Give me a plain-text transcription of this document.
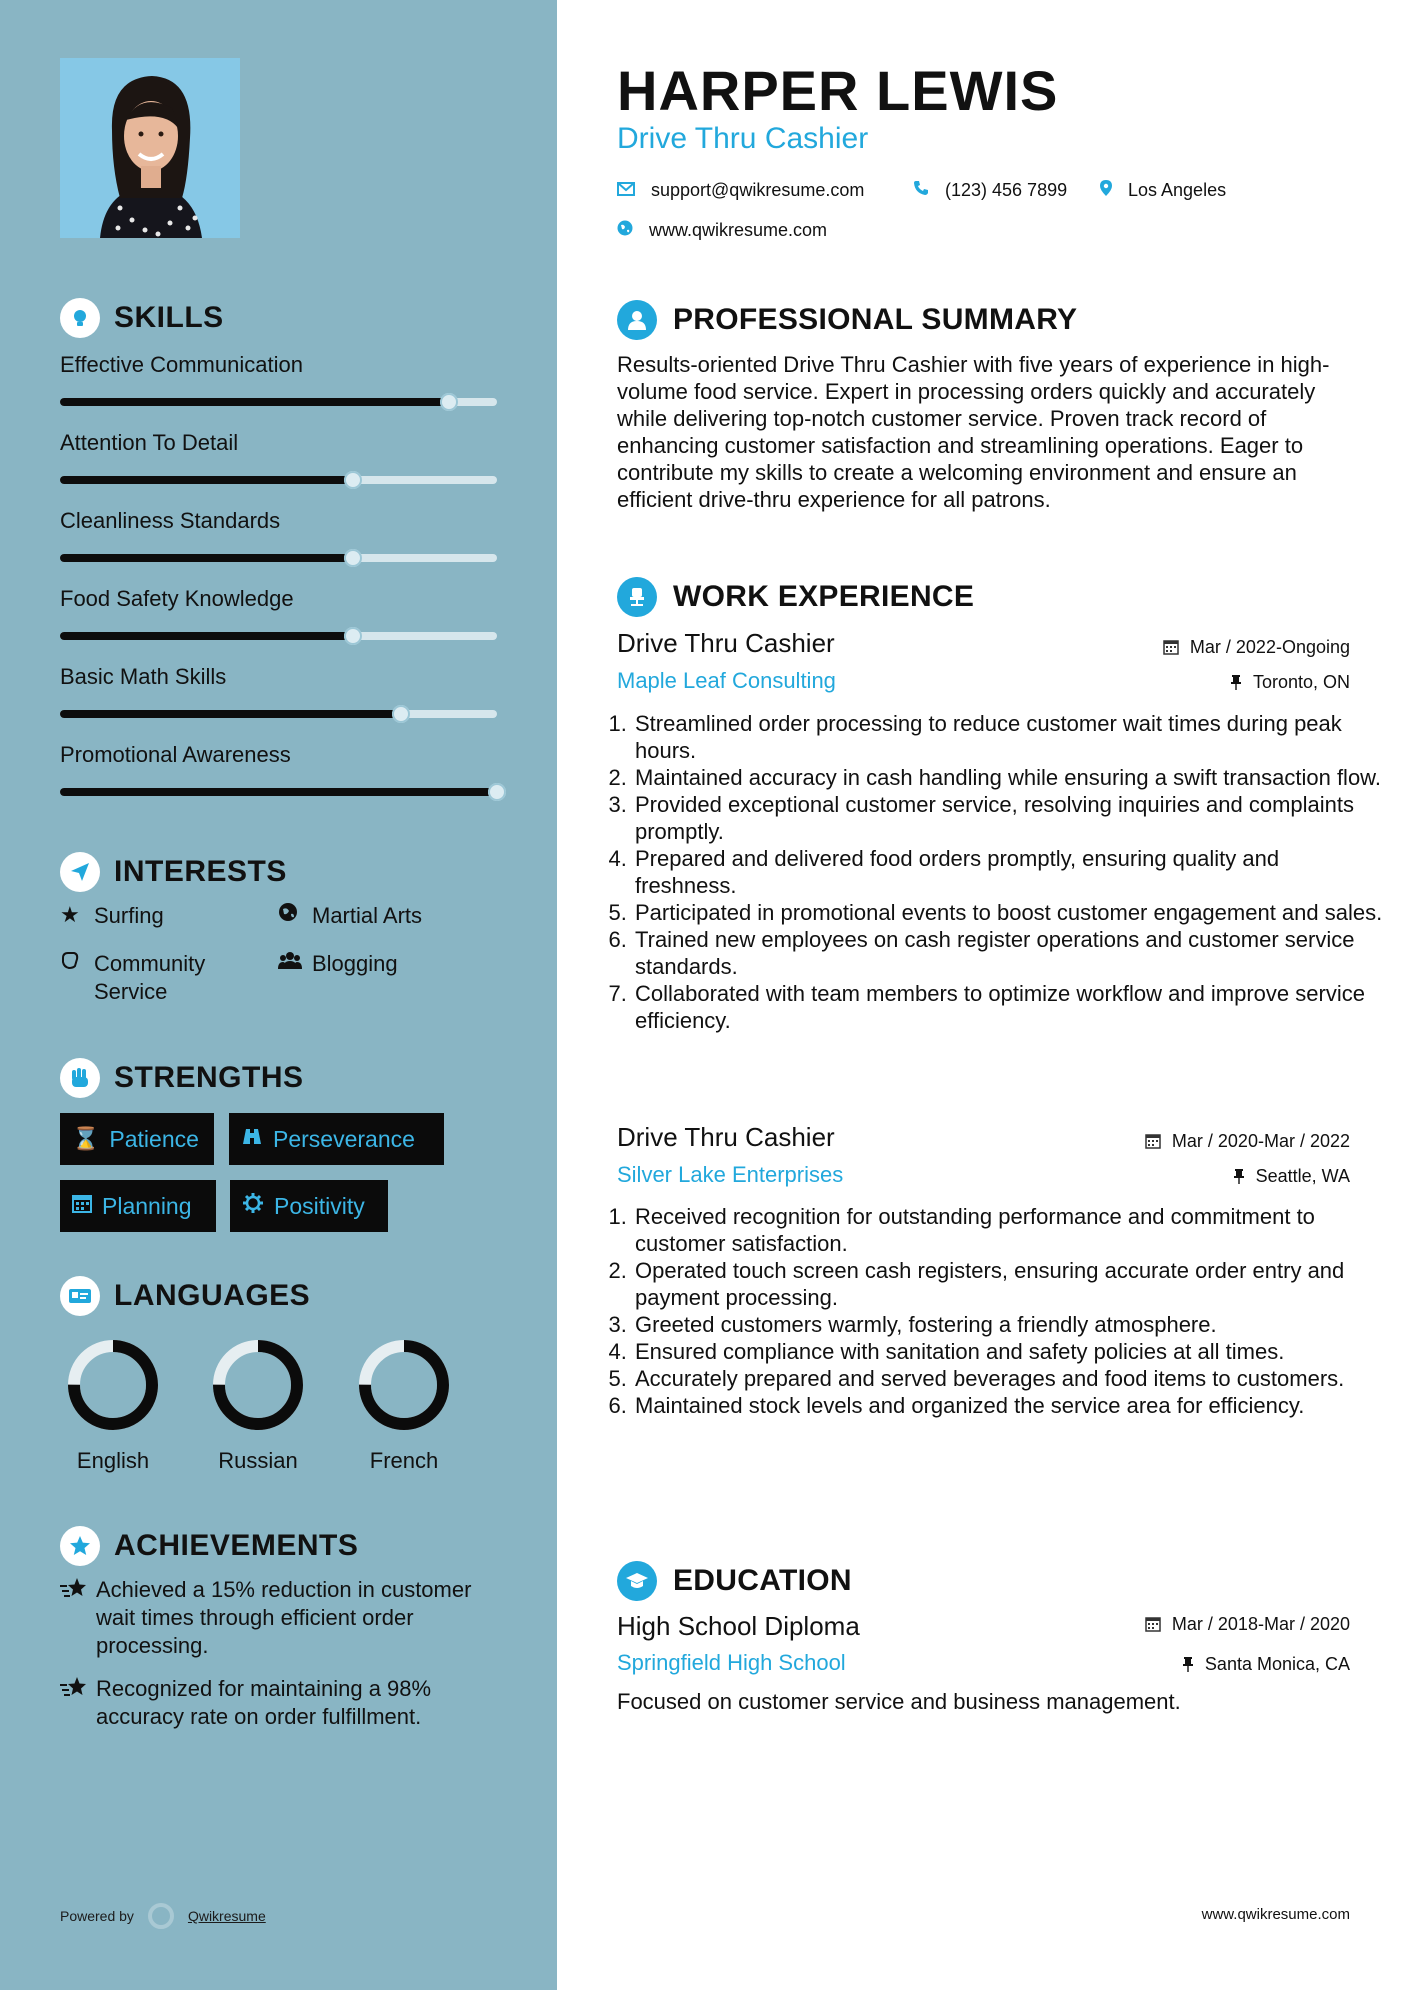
SKILLS
Effective Communication
Attention To Detail
Cleanliness Standards
Food Safety Knowledge
Basic Math Skills
Promotional Awareness
INTERESTS
★ Surfing	Martial Arts
Community Service
Blogging
STRENGTHS
⌛ Patience	Perseverance
Planning	Positivity
LANGUAGES
English	Russian	French
ACHIEVEMENTS
Achieved a 15% reduction in customer wait times through efficient order processing.
Recognized for maintaining a 98% accuracy rate on order fulfillment.
Powered by	Qwikresume
HARPER LEWIS
Drive Thru Cashier
support@qwikresume.com	(123) 456 7899	Los Angeles
www.qwikresume.com
PROFESSIONAL SUMMARY
Results-oriented Drive Thru Cashier with five years of experience in high-volume food service. Expert in processing orders quickly and accurately while delivering top-notch customer service. Proven track record of enhancing customer satisfaction and streamlining operations. Eager to contribute my skills to create a welcoming environment and ensure an efficient drive-thru experience for all patrons.
WORK EXPERIENCE
Drive Thru Cashier	Mar / 2022-Ongoing
Maple Leaf Consulting	Toronto, ON
1. Streamlined order processing to reduce customer wait times during peak hours.
2. Maintained accuracy in cash handling while ensuring a swift transaction flow.
3. Provided exceptional customer service, resolving inquiries and complaints promptly.
4. Prepared and delivered food orders promptly, ensuring quality and freshness.
5. Participated in promotional events to boost customer engagement and sales.
6. Trained new employees on cash register operations and customer service standards.
7. Collaborated with team members to optimize workflow and improve service efficiency.
Drive Thru Cashier	Mar / 2020-Mar / 2022
Silver Lake Enterprises	Seattle, WA
1. Received recognition for outstanding performance and commitment to customer satisfaction.
2. Operated touch screen cash registers, ensuring accurate order entry and payment processing.
3. Greeted customers warmly, fostering a friendly atmosphere.
4. Ensured compliance with sanitation and safety policies at all times.
5. Accurately prepared and served beverages and food items to customers.
6. Maintained stock levels and organized the service area for efficiency.
EDUCATION
High School Diploma	Mar / 2018-Mar / 2020
Springfield High School	Santa Monica, CA
Focused on customer service and business management.
www.qwikresume.com
